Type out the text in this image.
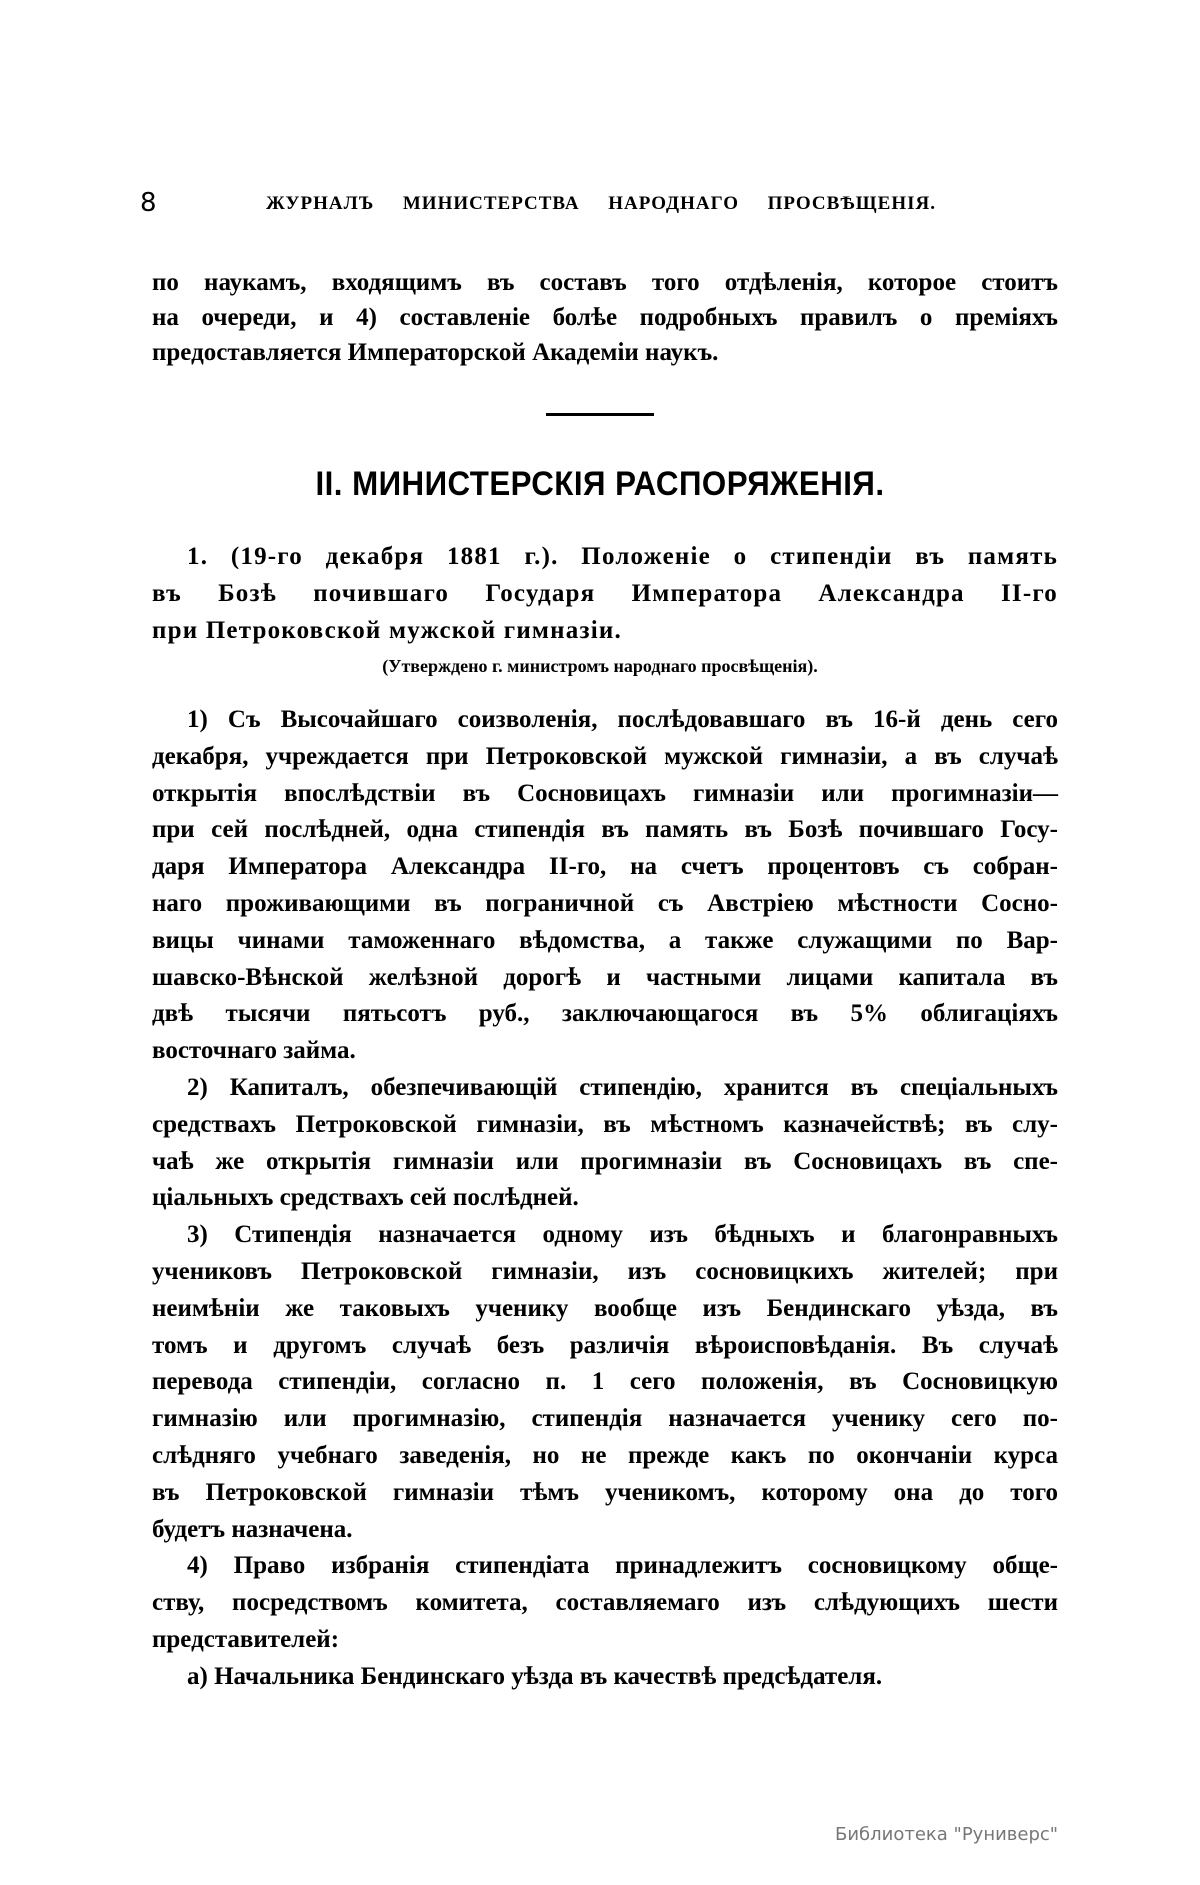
8	ЖУРНАЛЪ МИНИСТЕРСТВА НАРОДНАГО ПРОСВѢЩЕНІЯ.
по наукамъ, входящимъ въ составъ того отдѣленія, которое стоитъ
на очереди, и 4) составленіе болѣе подробныхъ правилъ о преміяхъ
предоставляется Императорской Академіи наукъ.
II. МИНИСТЕРСКІЯ РАСПОРЯЖЕНІЯ.
1. (19-го декабря 1881 г.). Положеніе о стипендіи въ память
въ Бозѣ почившаго Государя Императора Александра II-го
при Петроковской мужской гимназіи.
(Утверждено г. министромъ народнаго просвѣщенія).
1) Съ Высочайшаго соизволенія, послѣдовавшаго въ 16-й день сего
декабря, учреждается при Петроковской мужской гимназіи, а въ случаѣ
открытія впослѣдствіи въ Сосновицахъ гимназіи или прогимназіи—
при сей послѣдней, одна стипендія въ память въ Бозѣ почившаго Госу-
даря Императора Александра II-го, на счетъ процентовъ съ собран-
наго проживающими въ пограничной съ Австріею мѣстности Сосно-
вицы чинами таможеннаго вѣдомства, а также служащими по Вар-
шавско-Вѣнской желѣзной дорогѣ и частными лицами капитала въ
двѣ тысячи пятьсотъ руб., заключающагося въ 5% облигаціяхъ
восточнаго займа.
2) Капиталъ, обезпечивающій стипендію, хранится въ спеціальныхъ
средствахъ Петроковской гимназіи, въ мѣстномъ казначействѣ; въ слу-
чаѣ же открытія гимназіи или прогимназіи въ Сосновицахъ въ спе-
ціальныхъ средствахъ сей послѣдней.
3) Стипендія назначается одному изъ бѣдныхъ и благонравныхъ
учениковъ Петроковской гимназіи, изъ сосновицкихъ жителей; при
неимѣніи же таковыхъ ученику вообще изъ Бендинскаго уѣзда, въ
томъ и другомъ случаѣ безъ различія вѣроисповѣданія. Въ случаѣ
перевода стипендіи, согласно п. 1 сего положенія, въ Сосновицкую
гимназію или прогимназію, стипендія назначается ученику сего по-
слѣдняго учебнаго заведенія, но не прежде какъ по окончаніи курса
въ Петроковской гимназіи тѣмъ ученикомъ, которому она до того
будетъ назначена.
4) Право избранія стипендіата принадлежитъ сосновицкому обще-
ству, посредствомъ комитета, составляемаго изъ слѣдующихъ шести
представителей:
а) Начальника Бендинскаго уѣзда въ качествѣ предсѣдателя.
Библиотека "Руниверс"
